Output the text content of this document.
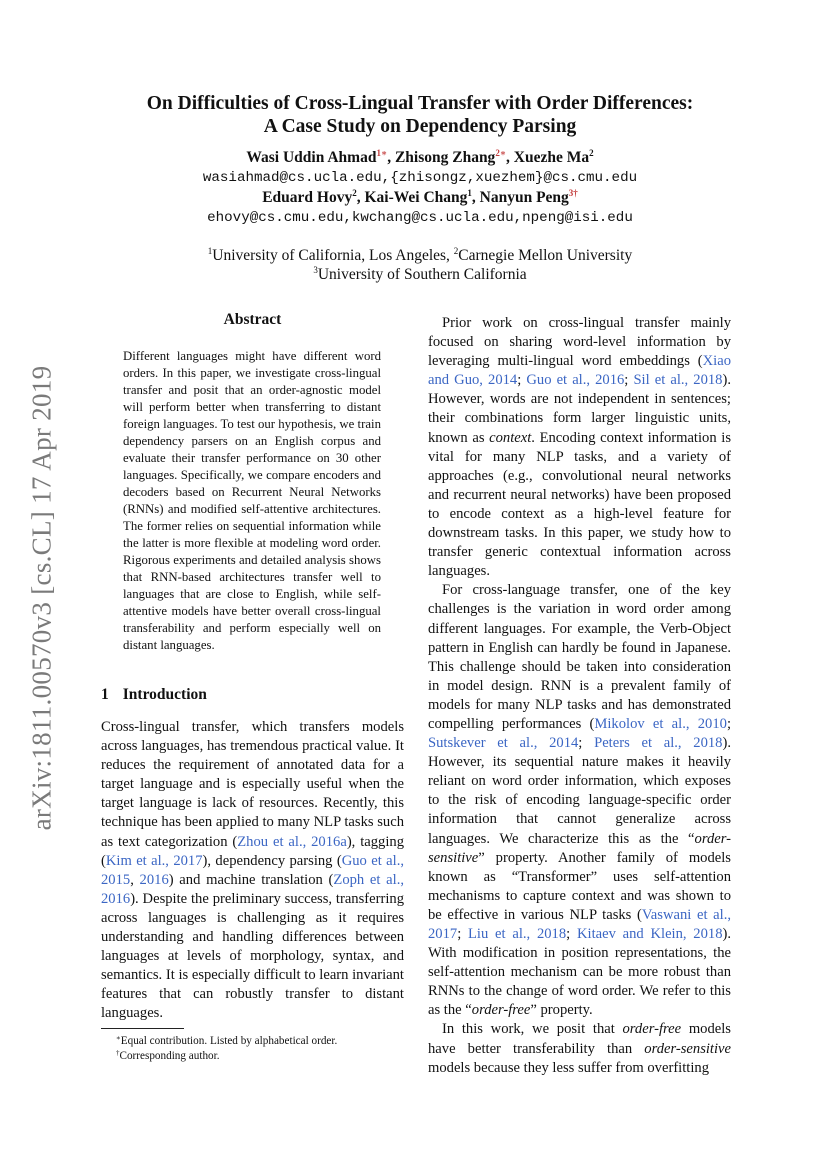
arXiv:1811.00570v3 [cs.CL] 17 Apr 2019
On Difficulties of Cross-Lingual Transfer with Order Differences:
A Case Study on Dependency Parsing
Wasi Uddin Ahmad$^{1∗}$, Zhisong Zhang$^{2∗}$, Xuezhe Ma$^2$
wasiahmad@cs.ucla.edu,{zhisongz,xuezhem}@cs.cmu.edu
Eduard Hovy$^2$, Kai-Wei Chang$^1$, Nanyun Peng$^{3\dagger}$
ehovy@cs.cmu.edu,kwchang@cs.ucla.edu,npeng@isi.edu
$^1$University of California, Los Angeles, $^2$Carnegie Mellon University
$^3$University of Southern California
Abstract
Different languages might have different word orders. In this paper, we investigate cross-lingual transfer and posit that an order-agnostic model will perform better when transferring to distant foreign languages. To test our hypothesis, we train dependency parsers on an English corpus and evaluate their transfer performance on 30 other languages. Specifically, we compare encoders and decoders based on Recurrent Neural Networks (RNNs) and modified self-attentive architectures. The former relies on sequential information while the latter is more flexible at modeling word order. Rigorous experiments and detailed analysis shows that RNN-based architectures transfer well to languages that are close to English, while self-attentive models have better overall cross-lingual transferability and perform especially well on distant languages.
1 Introduction

Cross-lingual transfer, which transfers models across languages, has tremendous practical value. It reduces the requirement of annotated data for a target language and is especially useful when the target language is lack of resources. Recently, this technique has been applied to many NLP tasks such as text categorization (Zhou et al., 2016a), tagging (Kim et al., 2017), dependency parsing (Guo et al., 2015, 2016) and machine translation (Zoph et al., 2016). Despite the preliminary success, transferring across languages is challenging as it requires understanding and handling differences between languages at levels of morphology, syntax, and semantics. It is especially difficult to learn invariant features that can robustly transfer to distant languages.

∗Equal contribution. Listed by alphabetical order.
†Corresponding author.

Prior work on cross-lingual transfer mainly focused on sharing word-level information by leveraging multi-lingual word embeddings (Xiao and Guo, 2014; Guo et al., 2016; Sil et al., 2018). However, words are not independent in sentences; their combinations form larger linguistic units, known as context. Encoding context information is vital for many NLP tasks, and a variety of approaches (e.g., convolutional neural networks and recurrent neural networks) have been proposed to encode context as a high-level feature for downstream tasks. In this paper, we study how to transfer generic contextual information across languages.

For cross-language transfer, one of the key challenges is the variation in word order among different languages. For example, the Verb-Object pattern in English can hardly be found in Japanese. This challenge should be taken into consideration in model design. RNN is a prevalent family of models for many NLP tasks and has demonstrated compelling performances (Mikolov et al., 2010; Sutskever et al., 2014; Peters et al., 2018). However, its sequential nature makes it heavily reliant on word order information, which exposes to the risk of encoding language-specific order information that cannot generalize across languages. We characterize this as the “order-sensitive” property. Another family of models known as “Transformer” uses self-attention mechanisms to capture context and was shown to be effective in various NLP tasks (Vaswani et al., 2017; Liu et al., 2018; Kitaev and Klein, 2018). With modification in position representations, the self-attention mechanism can be more robust than RNNs to the change of word order. We refer to this as the “order-free” property.

In this work, we posit that order-free models have better transferability than order-sensitive models because they less suffer from overfitting
